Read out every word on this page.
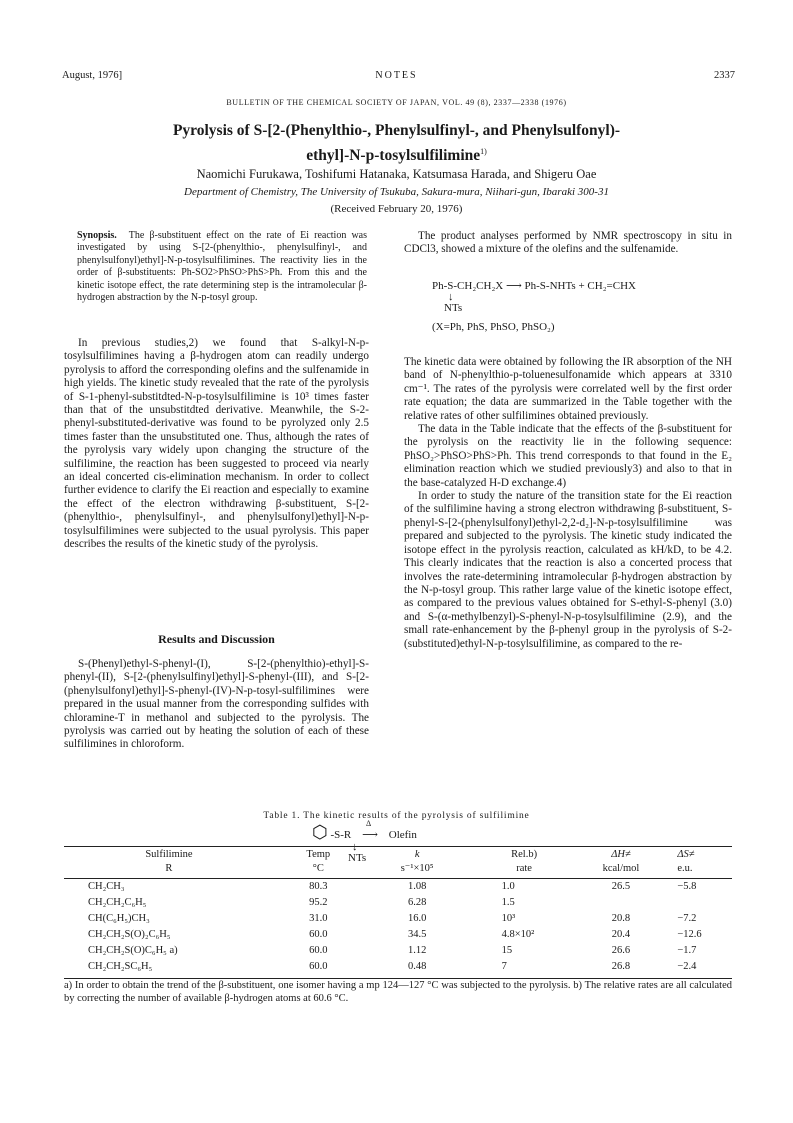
August, 1976]	NOTES	2337
BULLETIN OF THE CHEMICAL SOCIETY OF JAPAN, VOL. 49 (8), 2337—2338 (1976)
Pyrolysis of S-[2-(Phenylthio-, Phenylsulfinyl-, and Phenylsulfonyl)-
ethyl]-N-p-tosylsulfilimine$^{1)}$
Naomichi Furukawa, Toshifumi Hatanaka, Katsumasa Harada, and Shigeru Oae
Department of Chemistry, The University of Tsukuba, Sakura-mura, Niihari-gun, Ibaraki 300-31
(Received February 20, 1976)

Synopsis. The β-substituent effect on the rate of Ei reaction was investigated by using S-[2-(phenylthio-, phenylsulfinyl-, and phenylsulfonyl)ethyl]-N-p-tosylsulfilimines. The reactivity lies in the order of β-substituents: Ph-SO2>PhSO>PhS>Ph. From this and the kinetic isotope effect, the rate determining step is the intramolecular β-hydrogen abstraction by the N-p-tosyl group.

In previous studies,2) we found that S-alkyl-N-p-tosylsulfilimines having a β-hydrogen atom can readily undergo pyrolysis to afford the corresponding olefins and the sulfenamide in high yields. The kinetic study revealed that the rate of the pyrolysis of S-1-phenyl-substitdted-N-p-tosylsulfilimine is 10³ times faster than that of the unsubstitdted derivative. Meanwhile, the S-2-phenyl-substituted-derivative was found to be pyrolyzed only 2.5 times faster than the unsubstituted one. Thus, although the rates of the pyrolysis vary widely upon changing the structure of the sulfilimine, the reaction has been suggested to proceed via nearly an ideal concerted cis-elimination mechanism. In order to collect further evidence to clarify the Ei reaction and especially to examine the effect of the electron withdrawing β-substituent, S-[2-(phenylthio-, phenylsulfinyl-, and phenylsulfonyl)ethyl]-N-p-tosylsulfilimines were subjected to the usual pyrolysis. This paper describes the results of the kinetic study of the pyrolysis.

Results and Discussion

S-(Phenyl)ethyl-S-phenyl-(I), S-[2-(phenylthio)-ethyl]-S-phenyl-(II), S-[2-(phenylsulfinyl)ethyl]-S-phenyl-(III), and S-[2-(phenylsulfonyl)ethyl]-S-phenyl-(IV)-N-p-tosyl-sulfilimines were prepared in the usual manner from the corresponding sulfides with chloramine-T in methanol and subjected to the pyrolysis. The pyrolysis was carried out by heating the solution of each of these sulfilimines in chloroform.

The product analyses performed by NMR spectroscopy in situ in CDCl3, showed a mixture of the olefins and the sulfenamide.

Ph-S-CH₂CH₂X ⟶ Ph-S-NHTs + CH₂=CHX
↓
NTs
(X=Ph, PhS, PhSO, PhSO₂)

The kinetic data were obtained by following the IR absorption of the NH band of N-phenylthio-p-toluenesulfonamide which appears at 3310 cm⁻¹. The rates of the pyrolysis were correlated well by the first order rate equation; the data are summarized in the Table together with the relative rates of other sulfilimines obtained previously.

The data in the Table indicate that the effects of the β-substituent for the pyrolysis on the reactivity lie in the following sequence: PhSO₂>PhSO>PhS>Ph. This trend corresponds to that found in the E₂ elimination reaction which we studied previously3) and also to that in the base-catalyzed H-D exchange.4)

In order to study the nature of the transition state for the Ei reaction of the sulfilimine having a strong electron withdrawing β-substituent, S-phenyl-S-[2-(phenylsulfonyl)ethyl-2,2-d₂]-N-p-tosylsulfilimine was prepared and subjected to the pyrolysis. The kinetic study indicated the isotope effect in the pyrolysis reaction, calculated as kH/kD, to be 4.2. This clearly indicates that the reaction is also a concerted process that involves the rate-determining intramolecular β-hydrogen abstraction by the N-p-tosyl group. This rather large value of the kinetic isotope effect, as compared to the previous values obtained for S-ethyl-S-phenyl (3.0) and S-(α-methylbenzyl)-S-phenyl-N-p-tosylsulfilimine (2.9), and the small rate-enhancement by the β-phenyl group in the pyrolysis of S-2-(substituted)ethyl-N-p-tosylsulfilimine, as compared to the re-

Table 1. The kinetic results of the pyrolysis of sulfilimine
⬡ -S-R
Δ
⟶ Olefin
↓
NTs
Sulfilimine	Temp	k	Rel.b)	ΔH≠	ΔS≠
R	°C	s⁻¹×10⁵	rate	kcal/mol	e.u.
CH₂CH₃	80.3	1.08	1.0	26.5	−5.8
CH₂CH₂C₆H₅	95.2	6.28	1.5		
CH(C₆H₅)CH₃	31.0	16.0	10³	20.8	−7.2
CH₂CH₂S(O)₂C₆H₅	60.0	34.5	4.8×10²	20.4	−12.6
CH₂CH₂S(O)C₆H₅ a)	60.0	1.12	15	26.6	−1.7
CH₂CH₂SC₆H₅	60.0	0.48	7	26.8	−2.4
a) In order to obtain the trend of the β-substituent, one isomer having a mp 124—127 °C was subjected to the pyrolysis. b) The relative rates are all calculated by correcting the number of available β-hydrogen atoms at 60.6 °C.
